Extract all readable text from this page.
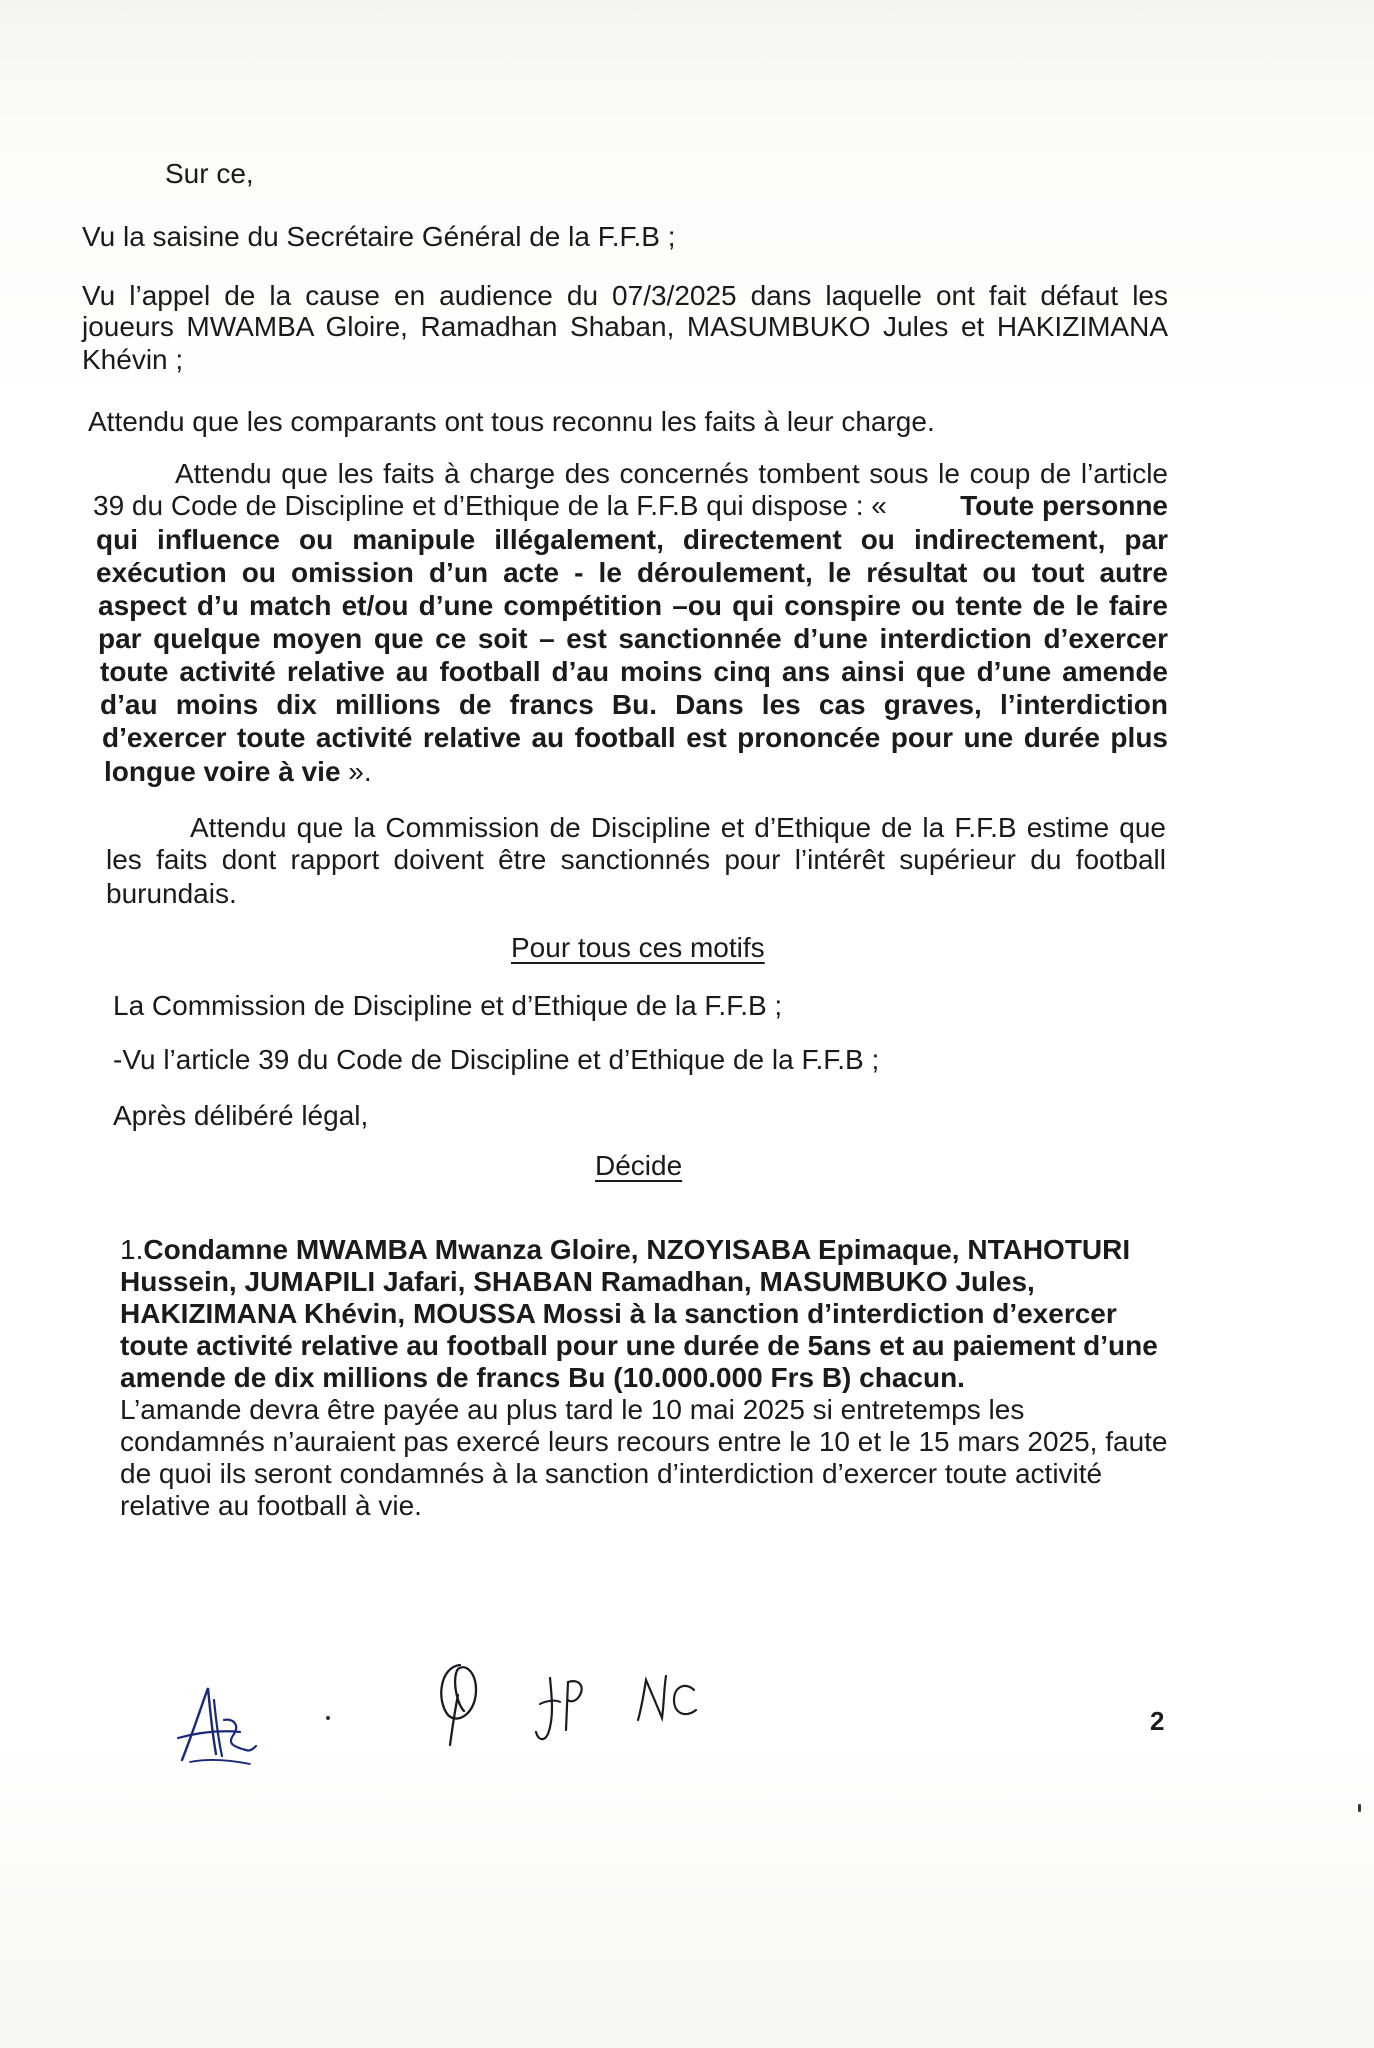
Sur ce,

Vu la saisine du Secrétaire Général de la F.F.B ;

Vu l’appel de la cause en audience du 07/3/2025 dans laquelle ont fait défaut les

joueurs MWAMBA Gloire, Ramadhan Shaban, MASUMBUKO Jules et HAKIZIMANA

Khévin ;

Attendu que les comparants ont tous reconnu les faits à leur charge.

Attendu que les faits à charge des concernés tombent sous le coup de l’article

39 du Code de Discipline et d’Ethique de la F.F.B qui dispose : « Toute personne

qui influence ou manipule illégalement, directement ou indirectement, par

exécution ou omission d’un acte - le déroulement, le résultat ou tout autre

aspect d’u match et/ou d’une compétition –ou qui conspire ou tente de le faire

par quelque moyen que ce soit – est sanctionnée d’une interdiction d’exercer

toute activité relative au football d’au moins cinq ans ainsi que d’une amende

d’au moins dix millions de francs Bu. Dans les cas graves, l’interdiction

d’exercer toute activité relative au football est prononcée pour une durée plus

longue voire à vie ».

Attendu que la Commission de Discipline et d’Ethique de la F.F.B estime que

les faits dont rapport doivent être sanctionnés pour l’intérêt supérieur du football

burundais.

Pour tous ces motifs

La Commission de Discipline et d’Ethique de la F.F.B ;

-Vu l’article 39 du Code de Discipline et d’Ethique de la F.F.B ;

Après délibéré légal,

Décide

1.Condamne MWAMBA Mwanza Gloire, NZOYISABA Epimaque, NTAHOTURI

Hussein, JUMAPILI Jafari, SHABAN Ramadhan, MASUMBUKO Jules,

HAKIZIMANA Khévin, MOUSSA Mossi à la sanction d’interdiction d’exercer

toute activité relative au football pour une durée de 5ans et au paiement d’une

amende de dix millions de francs Bu (10.000.000 Frs B) chacun.

L’amande devra être payée au plus tard le 10 mai 2025 si entretemps les

condamnés n’auraient pas exercé leurs recours entre le 10 et le 15 mars 2025, faute

de quoi ils seront condamnés à la sanction d’interdiction d’exercer toute activité

relative au football à vie.

2
